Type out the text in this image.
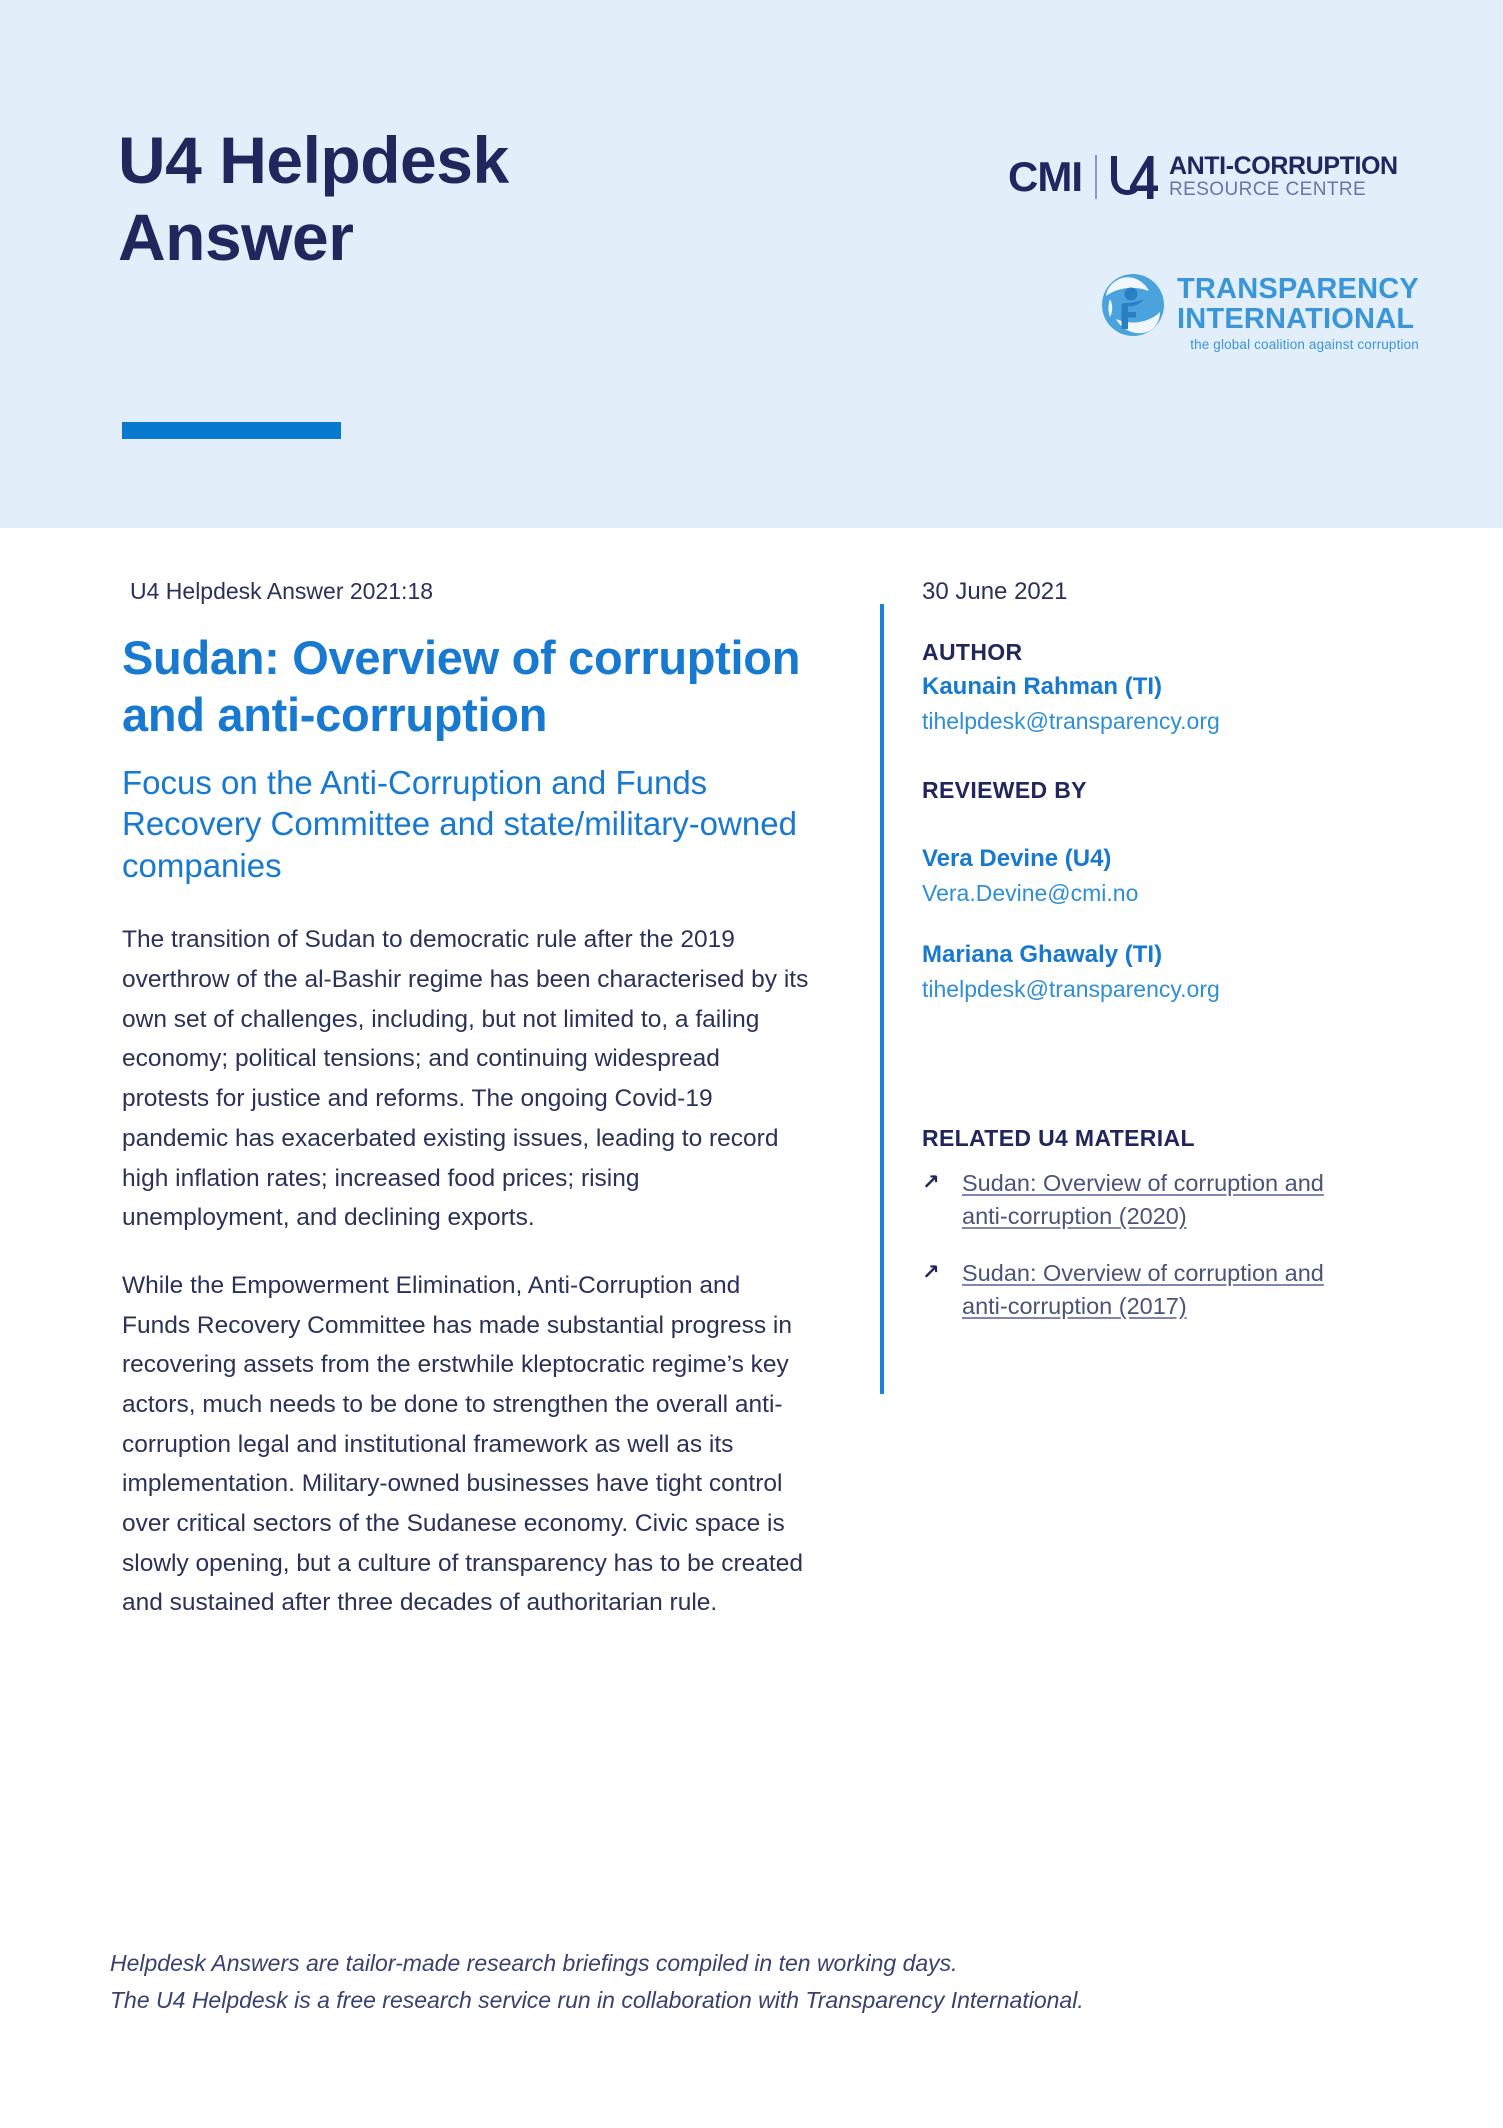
U4 Helpdesk Answer
CMI	ANTI-CORRUPTION
RESOURCE CENTRE
TRANSPARENCY
INTERNATIONAL
the global coalition against corruption
U4 Helpdesk Answer 2021:18
Sudan: Overview of corruption and anti-corruption
Focus on the Anti-Corruption and Funds Recovery Committee and state/military-owned companies

The transition of Sudan to democratic rule after the 2019 overthrow of the al-Bashir regime has been characterised by its own set of challenges, including, but not limited to, a failing economy; political tensions; and continuing widespread protests for justice and reforms. The ongoing Covid-19 pandemic has exacerbated existing issues, leading to record high inflation rates; increased food prices; rising unemployment, and declining exports.

While the Empowerment Elimination, Anti-Corruption and Funds Recovery Committee has made substantial progress in recovering assets from the erstwhile kleptocratic regime’s key actors, much needs to be done to strengthen the overall anti-corruption legal and institutional framework as well as its implementation. Military-owned businesses have tight control over critical sectors of the Sudanese economy. Civic space is slowly opening, but a culture of transparency has to be created and sustained after three decades of authoritarian rule.

30 June 2021
AUTHOR
Kaunain Rahman (TI)
tihelpdesk@transparency.org
REVIEWED BY
Vera Devine (U4)
Vera.Devine@cmi.no
Mariana Ghawaly (TI)
tihelpdesk@transparency.org
RELATED U4 MATERIAL
↗ Sudan: Overview of corruption and anti-corruption (2020)
↗ Sudan: Overview of corruption and anti-corruption (2017)
Helpdesk Answers are tailor-made research briefings compiled in ten working days.
The U4 Helpdesk is a free research service run in collaboration with Transparency International.
